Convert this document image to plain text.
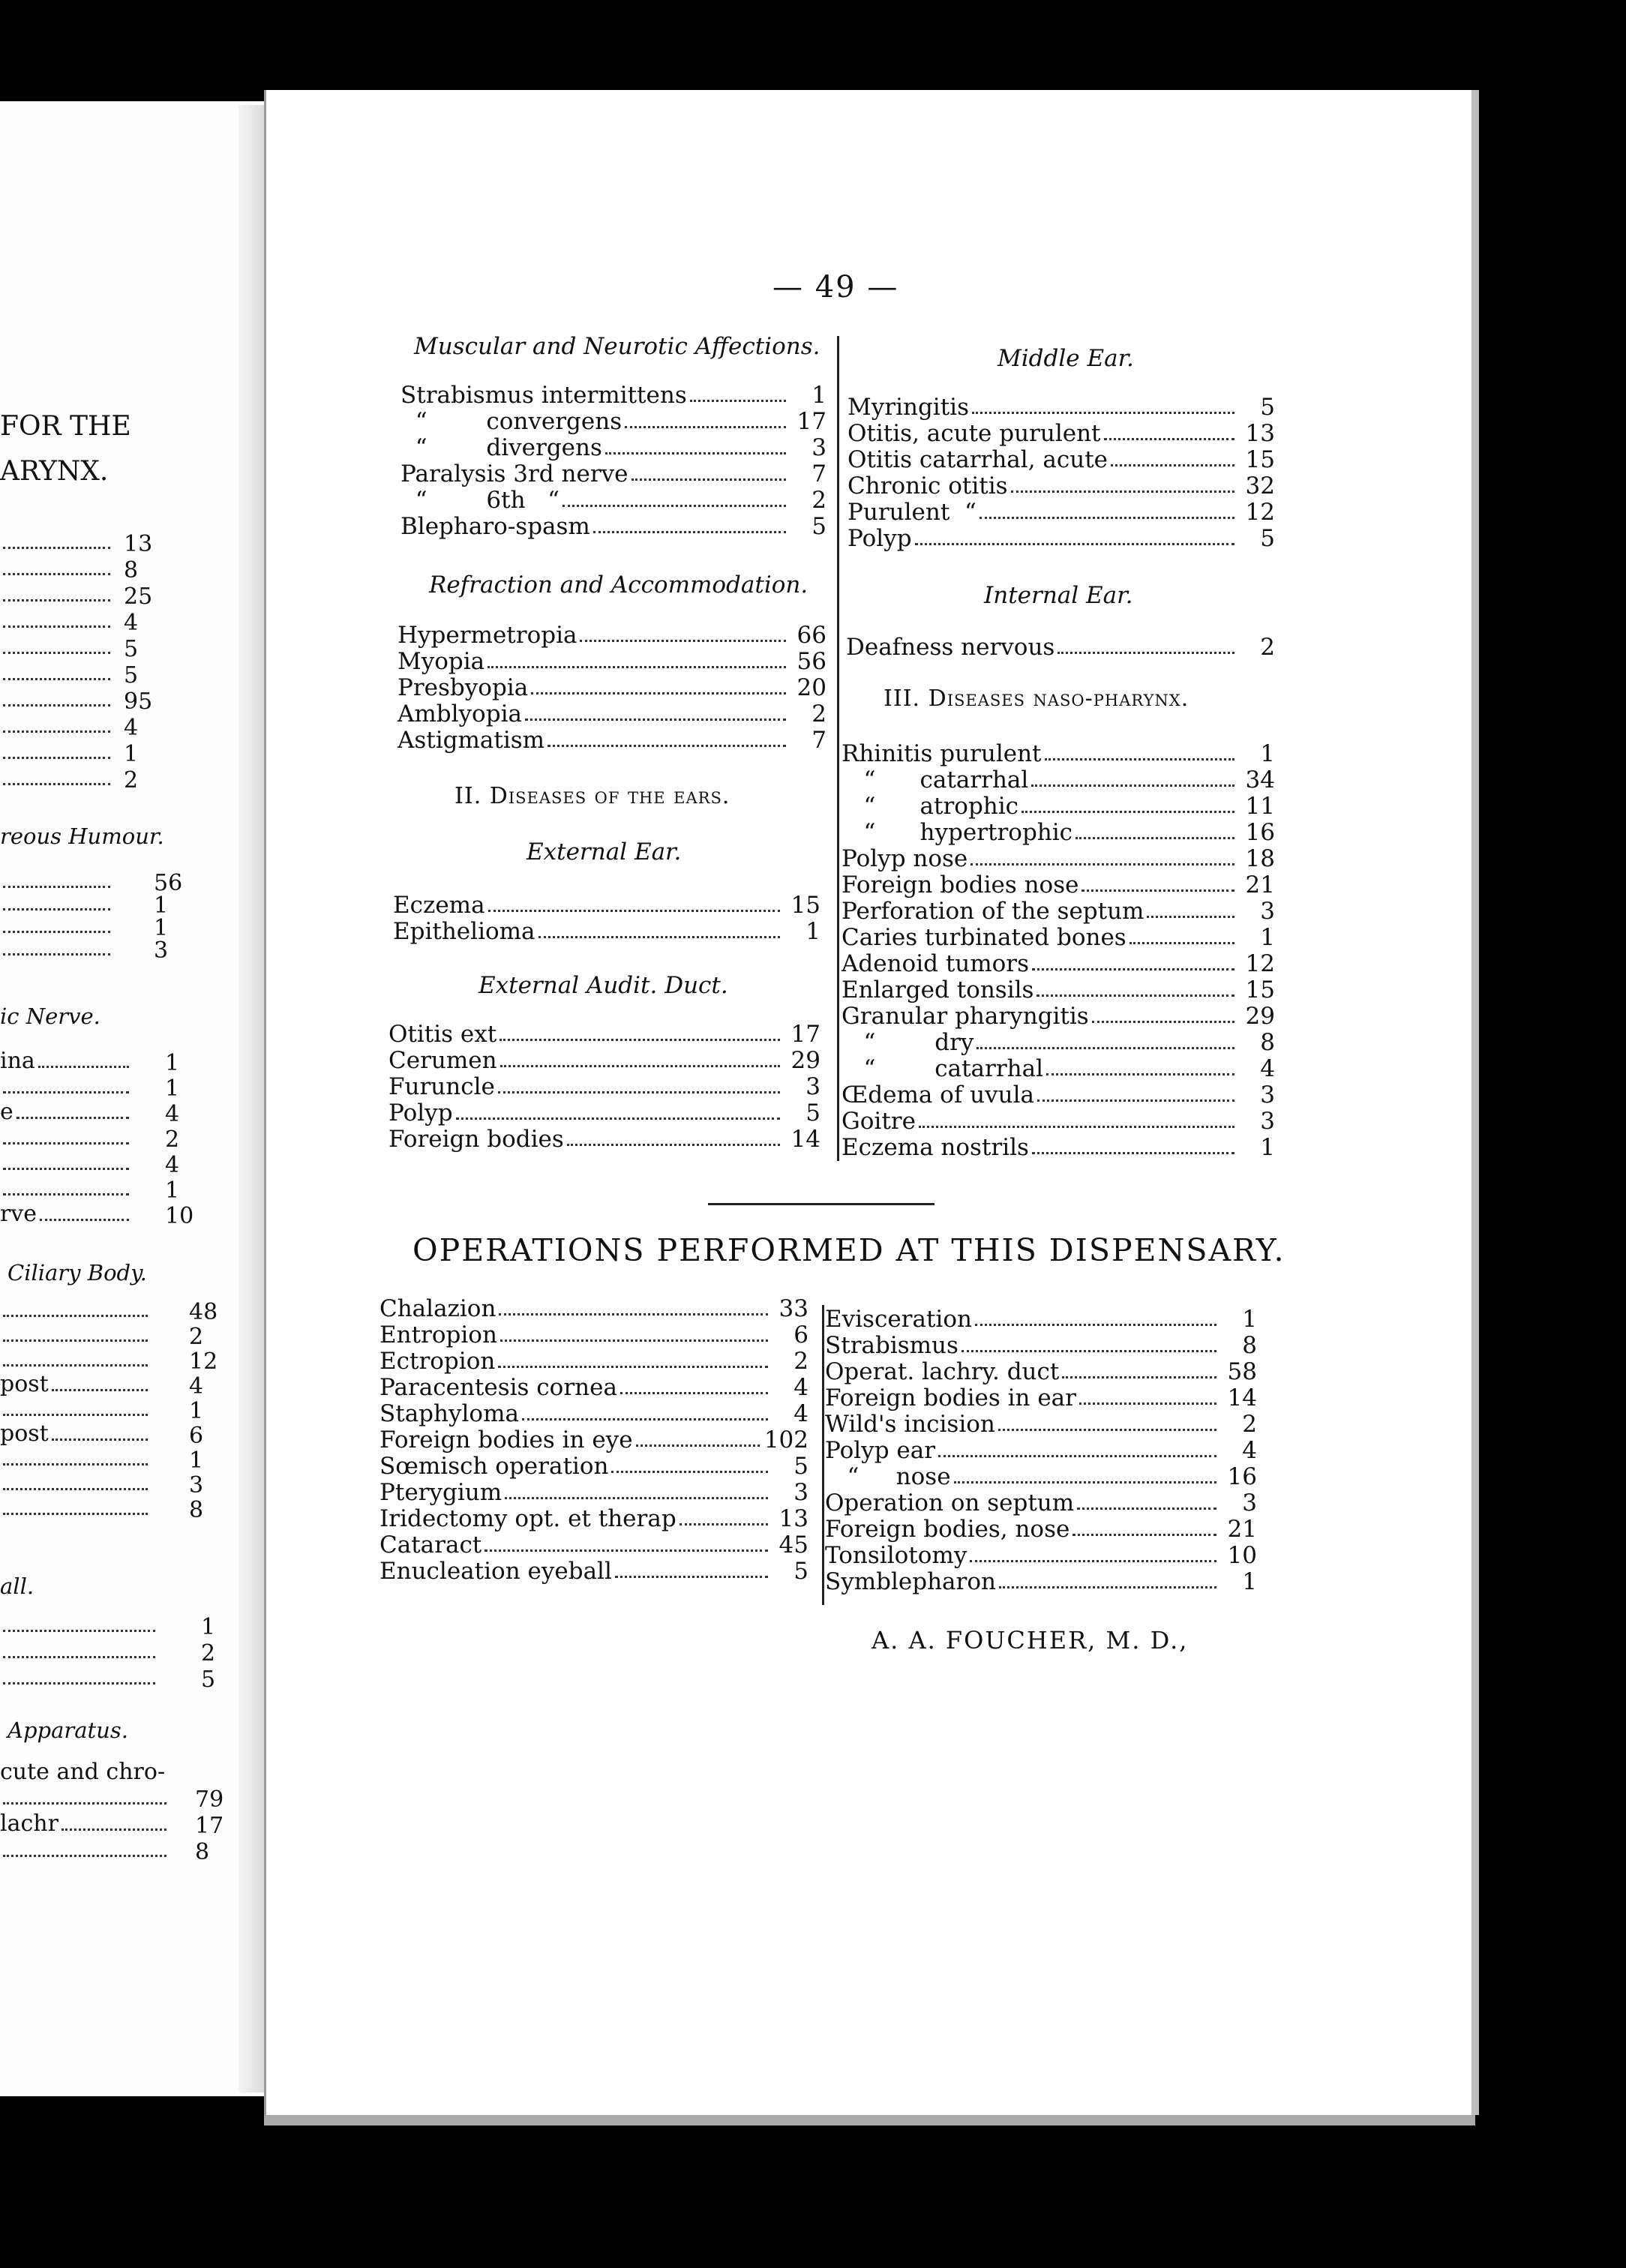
FOR THE
ARYNX.
13
8
25
4
5
5
95
4
1
2
reous Humour.
56
1
1
3
ic Nerve.
ina	1
1
e	4
2
4
1
rve	10
Ciliary Body.
48
2
12
post	4
1
post	6
1
3
8
all.
1
2
5
Apparatus.
cute and chro-
79
lachr	17
8
— 49 —
Muscular and Neurotic Affections.
Strabismus intermittens	1
“        convergens	17
“        divergens	3
Paralysis 3rd nerve	7
“        6th   “	2
Blepharo-spasm	5
Refraction and Accommodation.
Hypermetropia	66
Myopia	56
Presbyopia	20
Amblyopia	2
Astigmatism	7
II. Diseases of the ears.
External Ear.
Eczema	15
Epithelioma	1
External Audit. Duct.
Otitis ext	17
Cerumen	29
Furuncle	3
Polyp	5
Foreign bodies	14
Middle Ear.
Myringitis	5
Otitis, acute purulent	13
Otitis catarrhal, acute	15
Chronic otitis	32
Purulent  “	12
Polyp	5
Internal Ear.
Deafness nervous	2
III. Diseases naso-pharynx.
Rhinitis purulent	1
“      catarrhal	34
“      atrophic	11
“      hypertrophic	16
Polyp nose	18
Foreign bodies nose	21
Perforation of the septum	3
Caries turbinated bones	1
Adenoid tumors	12
Enlarged tonsils	15
Granular pharyngitis	29
“        dry	8
“        catarrhal	4
Œdema of uvula	3
Goitre	3
Eczema nostrils	1
OPERATIONS PERFORMED AT THIS DISPENSARY.
Chalazion	33
Entropion	6
Ectropion	2
Paracentesis cornea	4
Staphyloma	4
Foreign bodies in eye	102
Sœmisch operation	5
Pterygium	3
Iridectomy opt. et therap	13
Cataract	45
Enucleation eyeball	5
Evisceration	1
Strabismus	8
Operat. lachry. duct	58
Foreign bodies in ear	14
Wild's incision	2
Polyp ear	4
“     nose	16
Operation on septum	3
Foreign bodies, nose	21
Tonsilotomy	10
Symblepharon	1
A. A. FOUCHER, M. D.,
